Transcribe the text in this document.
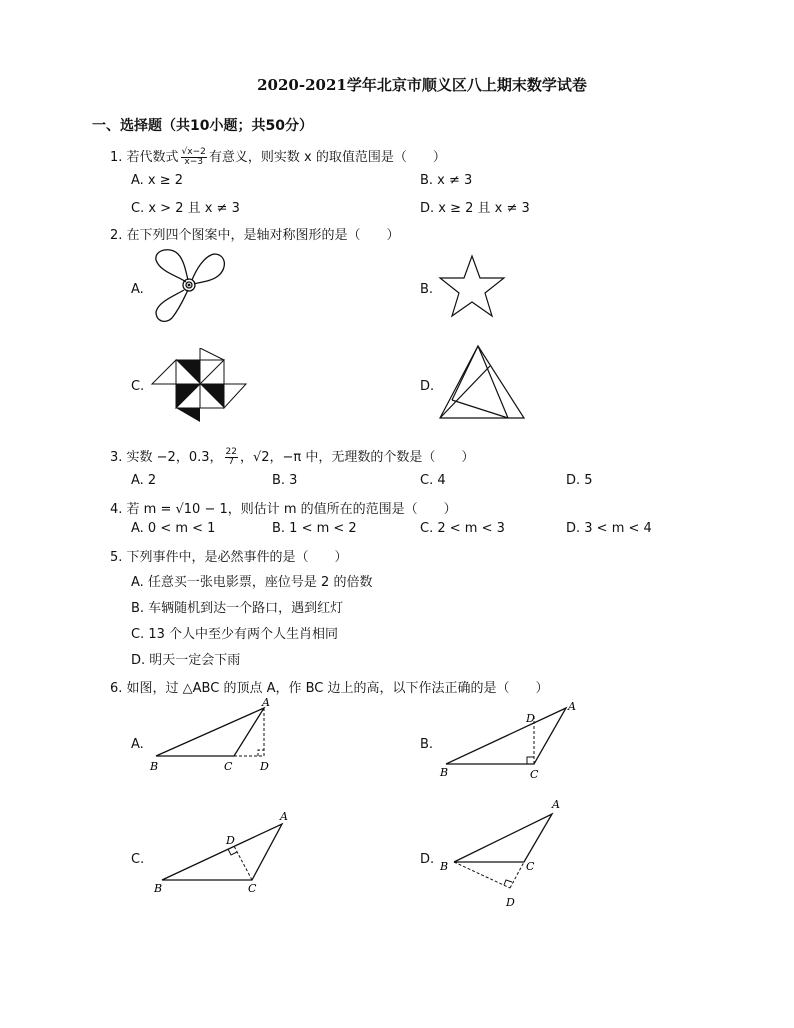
2020-2021学年北京市顺义区八上期末数学试卷
一、选择题（共10小题；共50分）
1. 若代数式 $\frac{√x-2}{x-3}$ 有意义，则实数 x 的取值范围是（　　）
A. x ≥ 2	B. x ≠ 3
C. x > 2 且 x ≠ 3	D. x ≥ 2 且 x ≠ 3
2. 在下列四个图案中，是轴对称图形的是（　　）
A.	B.
C.	D.
3. 实数 −2，0.3， $\frac{22}{7}$ ，√2，−π 中，无理数的个数是（　　）
A. 2	B. 3	C. 4	D. 5
4. 若 m = √10 − 1，则估计 m 的值所在的范围是（　　）
A. 0 < m < 1	B. 1 < m < 2	C. 2 < m < 3	D. 3 < m < 4
5. 下列事件中，是必然事件的是（　　）
A. 任意买一张电影票，座位号是 2 的倍数
B. 车辆随机到达一个路口，遇到红灯
C. 13 个人中至少有两个人生肖相同
D. 明天一定会下雨
6. 如图，过 △ABC 的顶点 A，作 BC 边上的高，以下作法正确的是（　　）
A.	B.
C.	D.
A
B	C	D
A
B	C
D
A
B	C
D
A
B	C
D
